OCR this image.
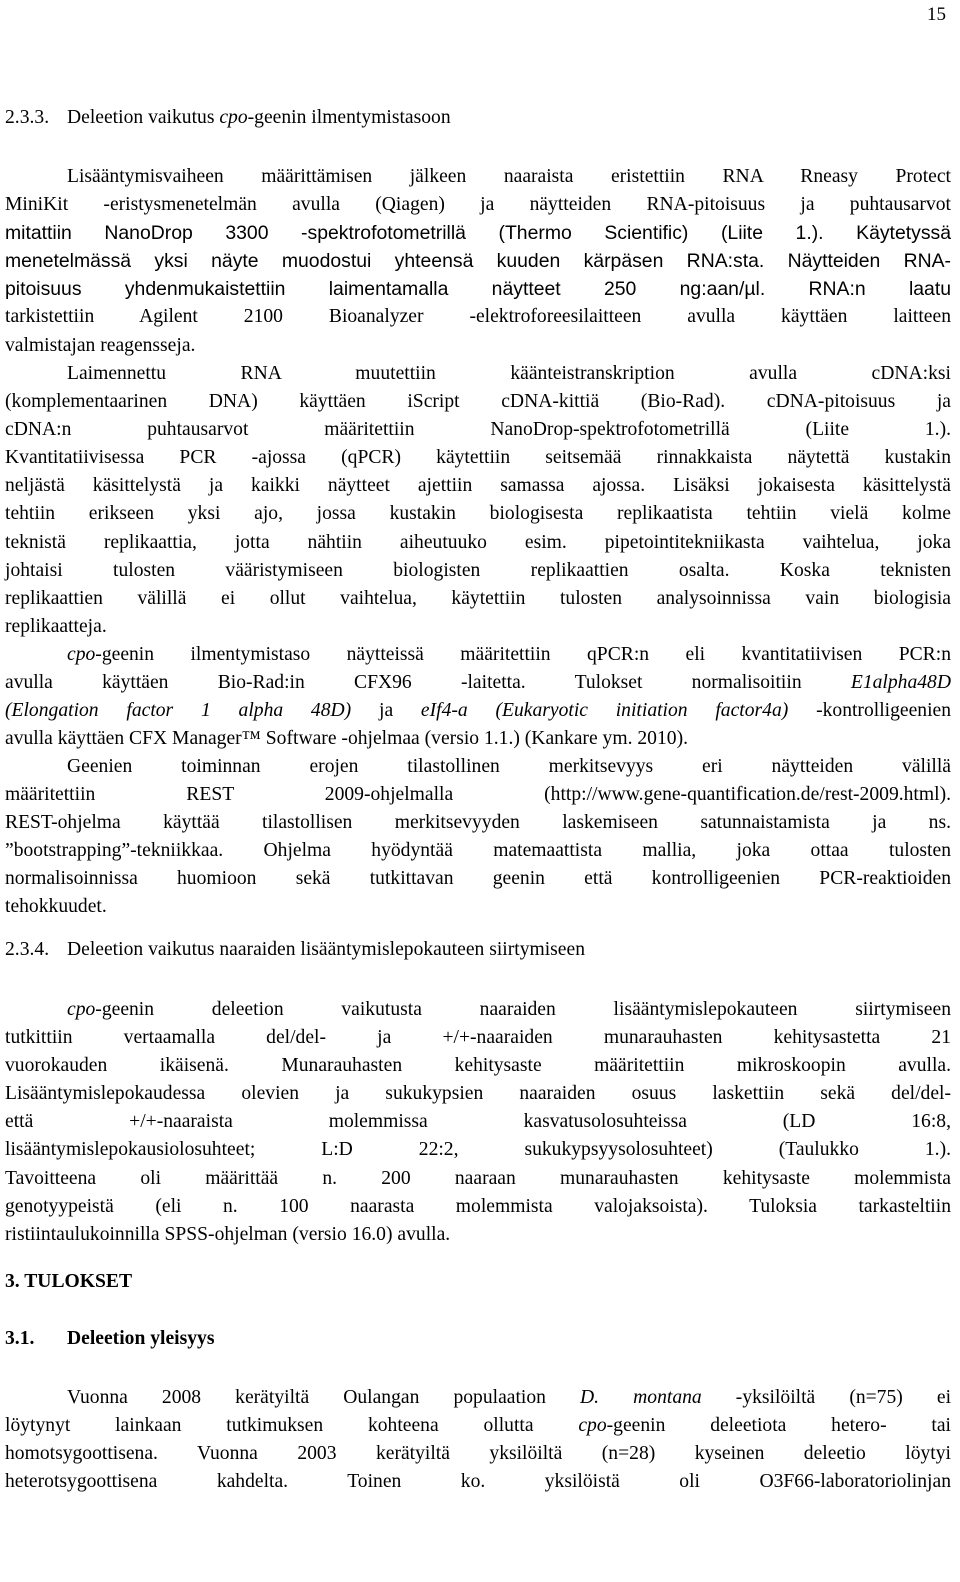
15
2.3.3. Deleetion vaikutus cpo-geenin ilmentymistasoon
Lisääntymisvaiheen määrittämisen jälkeen naaraista eristettiin RNA Rneasy Protect
MiniKit -eristysmenetelmän avulla (Qiagen) ja näytteiden RNA-pitoisuus ja puhtausarvot
mitattiin NanoDrop 3300 -spektrofotometrillä (Thermo Scientific) (Liite 1.). Käytetyssä
menetelmässä yksi näyte muodostui yhteensä kuuden kärpäsen RNA:sta. Näytteiden RNA-
pitoisuus yhdenmukaistettiin laimentamalla näytteet 250 ng:aan/µl. RNA:n laatu
tarkistettiin Agilent 2100 Bioanalyzer -elektroforeesilaitteen avulla käyttäen laitteen
valmistajan reagensseja.
Laimennettu RNA muutettiin käänteistranskription avulla cDNA:ksi
(komplementaarinen DNA) käyttäen iScript cDNA-kittiä (Bio-Rad). cDNA-pitoisuus ja
cDNA:n puhtausarvot määritettiin NanoDrop-spektrofotometrillä (Liite 1.).
Kvantitatiivisessa PCR -ajossa (qPCR) käytettiin seitsemää rinnakkaista näytettä kustakin
neljästä käsittelystä ja kaikki näytteet ajettiin samassa ajossa. Lisäksi jokaisesta käsittelystä
tehtiin erikseen yksi ajo, jossa kustakin biologisesta replikaatista tehtiin vielä kolme
teknistä replikaattia, jotta nähtiin aiheutuuko esim. pipetointitekniikasta vaihtelua, joka
johtaisi tulosten vääristymiseen biologisten replikaattien osalta. Koska teknisten
replikaattien välillä ei ollut vaihtelua, käytettiin tulosten analysoinnissa vain biologisia
replikaatteja.
cpo-geenin ilmentymistaso näytteissä määritettiin qPCR:n eli kvantitatiivisen PCR:n
avulla käyttäen Bio-Rad:in CFX96 -laitetta. Tulokset normalisoitiin E1alpha48D
(Elongation factor 1 alpha 48D) ja eIf4-a (Eukaryotic initiation factor4a) -kontrolligeenien
avulla käyttäen CFX Manager™ Software -ohjelmaa (versio 1.1.) (Kankare ym. 2010).
Geenien toiminnan erojen tilastollinen merkitsevyys eri näytteiden välillä
määritettiin REST 2009-ohjelmalla (http://www.gene-quantification.de/rest-2009.html).
REST-ohjelma käyttää tilastollisen merkitsevyyden laskemiseen satunnaistamista ja ns.
”bootstrapping”-tekniikkaa. Ohjelma hyödyntää matemaattista mallia, joka ottaa tulosten
normalisoinnissa huomioon sekä tutkittavan geenin että kontrolligeenien PCR-reaktioiden
tehokkuudet.
2.3.4. Deleetion vaikutus naaraiden lisääntymislepokauteen siirtymiseen
cpo-geenin deleetion vaikutusta naaraiden lisääntymislepokauteen siirtymiseen
tutkittiin vertaamalla del/del- ja +/+-naaraiden munarauhasten kehitysastetta 21
vuorokauden ikäisenä. Munarauhasten kehitysaste määritettiin mikroskoopin avulla.
Lisääntymislepokaudessa olevien ja sukukypsien naaraiden osuus laskettiin sekä del/del-
että +/+-naaraista molemmissa kasvatusolosuhteissa (LD 16:8,
lisääntymislepokausiolosuhteet; L:D 22:2, sukukypsyysolosuhteet) (Taulukko 1.).
Tavoitteena oli määrittää n. 200 naaraan munarauhasten kehitysaste molemmista
genotyypeistä (eli n. 100 naarasta molemmista valojaksoista). Tuloksia tarkasteltiin
ristiintaulukoinnilla SPSS-ohjelman (versio 16.0) avulla.
3. TULOKSET
3.1. Deleetion yleisyys
Vuonna 2008 kerätyiltä Oulangan populaation D. montana -yksilöiltä (n=75) ei
löytynyt lainkaan tutkimuksen kohteena ollutta cpo-geenin deleetiota hetero- tai
homotsygoottisena. Vuonna 2003 kerätyiltä yksilöiltä (n=28) kyseinen deleetio löytyi
heterotsygoottisena kahdelta. Toinen ko. yksilöistä oli O3F66-laboratoriolinjan
